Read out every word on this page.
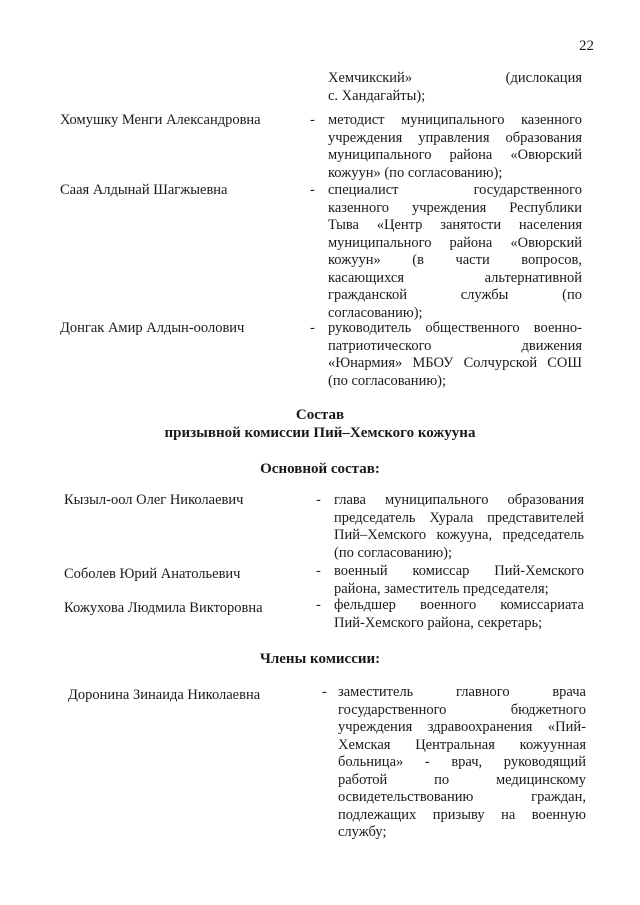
22
Хемчикский» (дислокация
с. Хандагайты);
Хомушку Менги Александровна	- методист муниципального казенного
учреждения управления образования
муниципального района «Овюрский
кожуун» (по согласованию);
Саая Алдынай Шагжыевна	- специалист государственного
казенного учреждения Республики
Тыва «Центр занятости населения
муниципального района «Овюрский
кожуун» (в части вопросов,
касающихся альтернативной
гражданской службы (по
согласованию);
Донгак Амир Алдын-оолович	- руководитель общественного военно-
патриотического движения
«Юнармия» МБОУ Солчурской СОШ
(по согласованию);
Состав
призывной комиссии Пий–Хемского кожууна
Основной состав:
Кызыл-оол Олег Николаевич	- глава муниципального образования
председатель Хурала представителей
Пий–Хемского кожууна, председатель
(по согласованию);
Соболев Юрий Анатольевич	- военный комиссар Пий-Хемского
района, заместитель председателя;
Кожухова Людмила Викторовна	- фельдшер военного комиссариата
Пий-Хемского района, секретарь;
Члены комиссии:
Доронина Зинаида Николаевна	- заместитель главного врача
государственного бюджетного
учреждения здравоохранения «Пий-
Хемская Центральная кожуунная
больница» - врач, руководящий
работой по медицинскому
освидетельствованию граждан,
подлежащих призыву на военную
службу;
